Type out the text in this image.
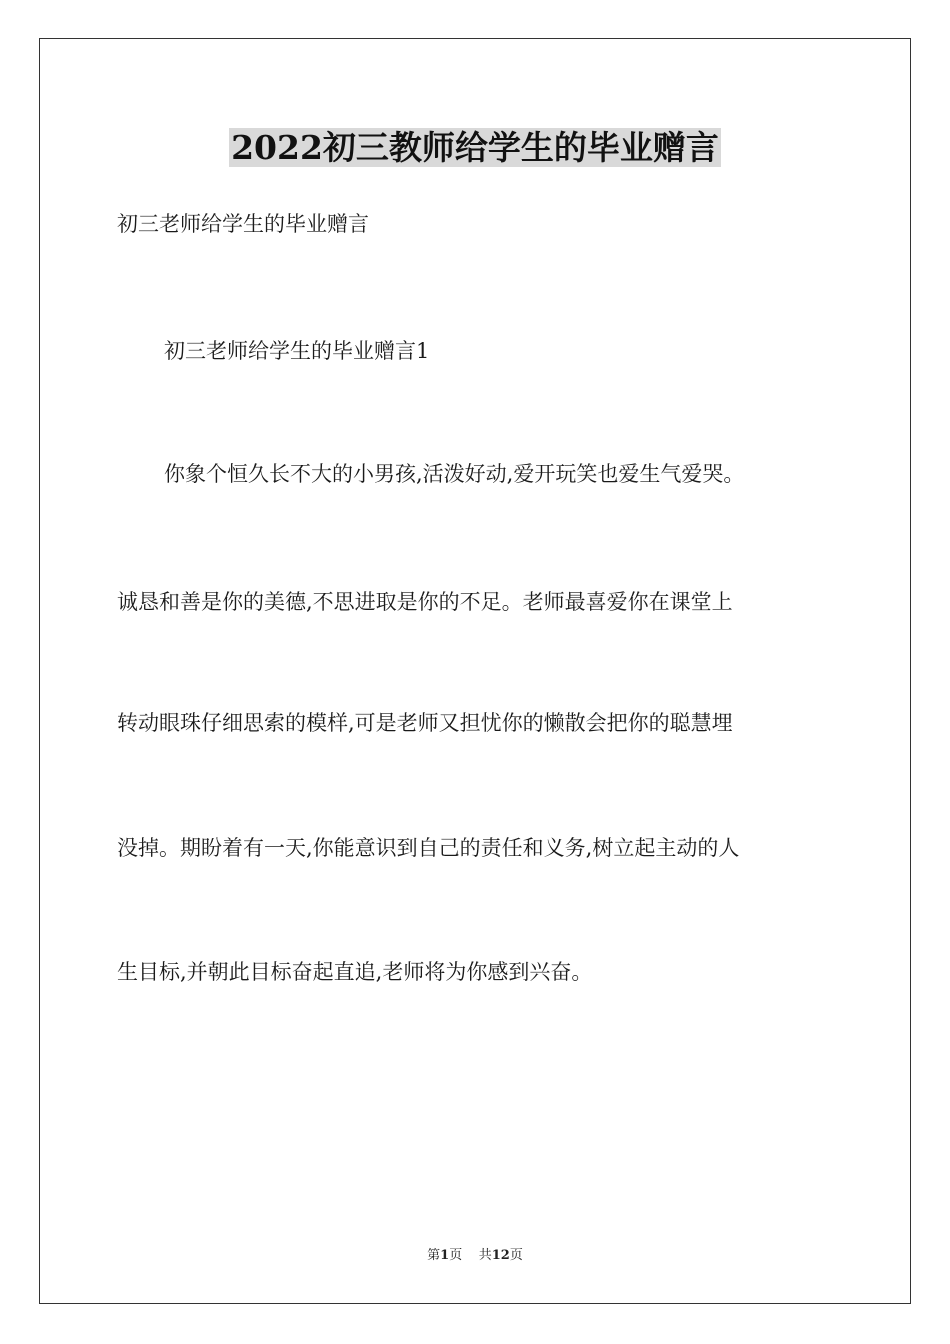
2022初三教师给学生的毕业赠言
初三老师给学生的毕业赠言
初三老师给学生的毕业赠言1
你象个恒久长不大的小男孩,活泼好动,爱开玩笑也爱生气爱哭。
诚恳和善是你的美德,不思进取是你的不足。老师最喜爱你在课堂上
转动眼珠仔细思索的模样,可是老师又担忧你的懒散会把你的聪慧埋
没掉。期盼着有一天,你能意识到自己的责任和义务,树立起主动的人
生目标,并朝此目标奋起直追,老师将为你感到兴奋。
第1页 共12页
